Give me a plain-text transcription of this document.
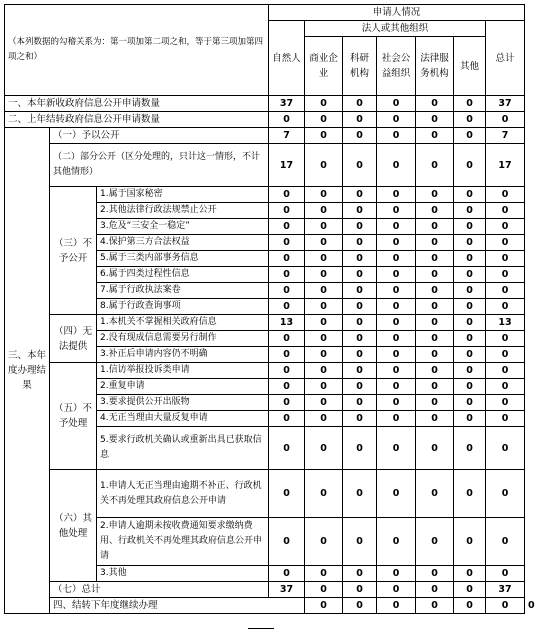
（本列数据的勾稽关系为：第一项加第二项之和，等于第三项加第四项之和）			申请人情况							
			自然人	法人或其他组织					总计	
				商业企业	科研机构	社会公益组织	法律服务机构	其他		
一、本年新收政府信息公开申请数量			37	0	0	0	0	0	37	
二、上年结转政府信息公开申请数量			0	0	0	0	0	0	0	
三、本年度办理结果	（一）予以公开		7	0	0	0	0	0	7	
	（二）部分公开（区分处理的，只计这一情形，不计其他情形）		17	0	0	0	0	0	17	
	（三）不予公开	1.属于国家秘密	0	0	0	0	0	0	0	
		2.其他法律行政法规禁止公开	0	0	0	0	0	0	0	
		3.危及“三安全一稳定”	0	0	0	0	0	0	0	
		4.保护第三方合法权益	0	0	0	0	0	0	0	
		5.属于三类内部事务信息	0	0	0	0	0	0	0	
		6.属于四类过程性信息	0	0	0	0	0	0	0	
		7.属于行政执法案卷	0	0	0	0	0	0	0	
		8.属于行政查询事项	0	0	0	0	0	0	0	
	（四）无法提供	1.本机关不掌握相关政府信息	13	0	0	0	0	0	13	
		2.没有现成信息需要另行制作	0	0	0	0	0	0	0	
		3.补正后申请内容仍不明确	0	0	0	0	0	0	0	
	（五）不予处理	1.信访举报投诉类申请	0	0	0	0	0	0	0	
		2.重复申请	0	0	0	0	0	0	0	
		3.要求提供公开出版物	0	0	0	0	0	0	0	
		4.无正当理由大量反复申请	0	0	0	0	0	0	0	
		5.要求行政机关确认或重新出具已获取信息	0	0	0	0	0	0	0	
	（六）其他处理	1.申请人无正当理由逾期不补正、行政机关不再处理其政府信息公开申请	0	0	0	0	0	0	0	
		2.申请人逾期未按收费通知要求缴纳费用、行政机关不再处理其政府信息公开申请	0	0	0	0	0	0	0	
		3.其他	0	0	0	0	0	0	0	
	（七）总计		37	0	0	0	0	0	37	
	四、结转下年度继续办理			0	0	0	0	0	0	0
